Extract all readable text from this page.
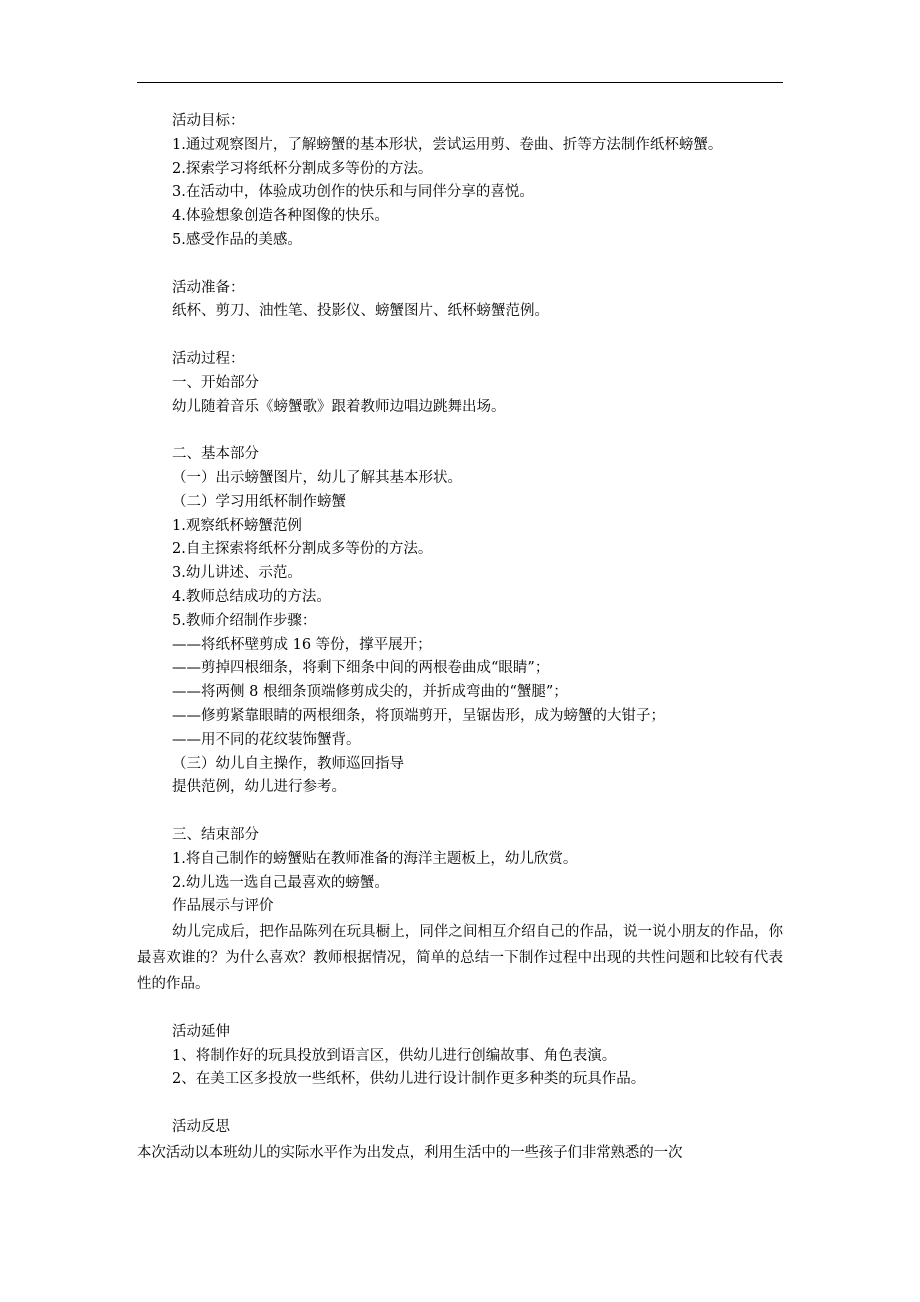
活动目标：
1.通过观察图片，了解螃蟹的基本形状，尝试运用剪、卷曲、折等方法制作纸杯螃蟹。
2.探索学习将纸杯分割成多等份的方法。
3.在活动中，体验成功创作的快乐和与同伴分享的喜悦。
4.体验想象创造各种图像的快乐。
5.感受作品的美感。
活动准备：
纸杯、剪刀、油性笔、投影仪、螃蟹图片、纸杯螃蟹范例。
活动过程：
一、开始部分
幼儿随着音乐《螃蟹歌》跟着教师边唱边跳舞出场。
二、基本部分
（一）出示螃蟹图片，幼儿了解其基本形状。
（二）学习用纸杯制作螃蟹
1.观察纸杯螃蟹范例
2.自主探索将纸杯分割成多等份的方法。
3.幼儿讲述、示范。
4.教师总结成功的方法。
5.教师介绍制作步骤：
——将纸杯壁剪成 16 等份，撑平展开；
——剪掉四根细条，将剩下细条中间的两根卷曲成“眼睛”；
——将两侧 8 根细条顶端修剪成尖的，并折成弯曲的“蟹腿”；
——修剪紧靠眼睛的两根细条，将顶端剪开，呈锯齿形，成为螃蟹的大钳子；
——用不同的花纹装饰蟹背。
（三）幼儿自主操作，教师巡回指导
提供范例，幼儿进行参考。
三、结束部分
1.将自己制作的螃蟹贴在教师准备的海洋主题板上，幼儿欣赏。
2.幼儿选一选自己最喜欢的螃蟹。
作品展示与评价
幼儿完成后，把作品陈列在玩具橱上，同伴之间相互介绍自己的作品，说一说小朋友的作品，你最喜欢谁的？为什么喜欢？教师根据情况，简单的总结一下制作过程中出现的共性问题和比较有代表性的作品。
活动延伸
1、将制作好的玩具投放到语言区，供幼儿进行创编故事、角色表演。
2、在美工区多投放一些纸杯，供幼儿进行设计制作更多种类的玩具作品。
活动反思
本次活动以本班幼儿的实际水平作为出发点，利用生活中的一些孩子们非常熟悉的一次
